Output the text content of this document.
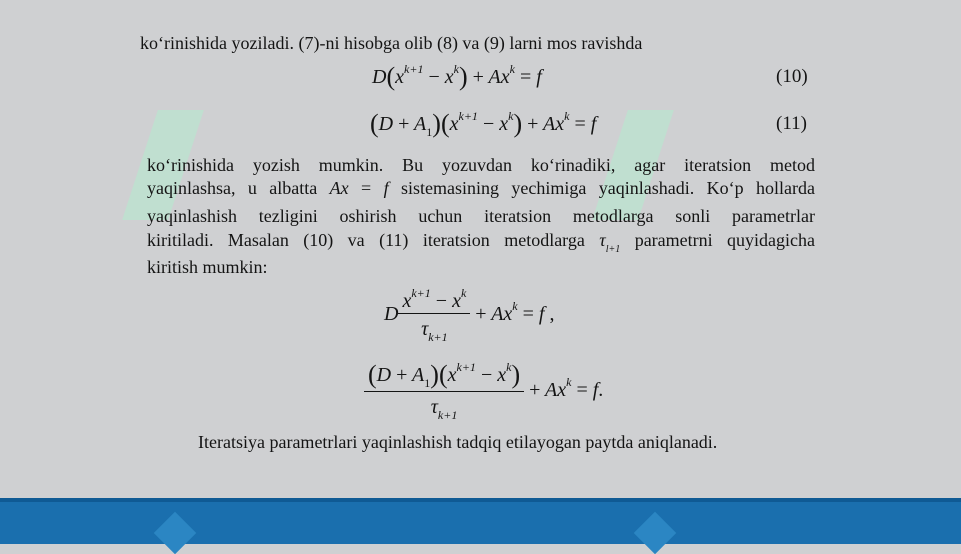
ko‘rinishida yoziladi. (7)-ni hisobga olib (8) va (9) larni mos ravishda
$D(x^{k+1} - x^k) + Ax^k = f$	(10)
$(D + A_1)(x^{k+1} - x^k) + Ax^k = f$	(11)
ko‘rinishida yozish mumkin. Bu yozuvdan ko‘rinadiki, agar iteratsion metod
yaqinlashsa, u albatta Ax = f sistemasining yechimiga yaqinlashadi. Ko‘p hollarda
yaqinlashish tezligini oshirish uchun iteratsion metodlarga sonli parametrlar
kiritiladi. Masalan (10) va (11) iteratsion metodlarga $\tau_{l+1}$ parametrni quyidagicha
kiritish mumkin:
D $\frac{x^{k+1} - x^k}{\tau_{k+1}} + Ax^k = f$ ,
$\frac{(D + A_1)(x^{k+1} - x^k)}{\tau_{k+1}} + Ax^k = f$.
Iteratsiya parametrlari yaqinlashish tadqiq etilayogan paytda aniqlanadi.
